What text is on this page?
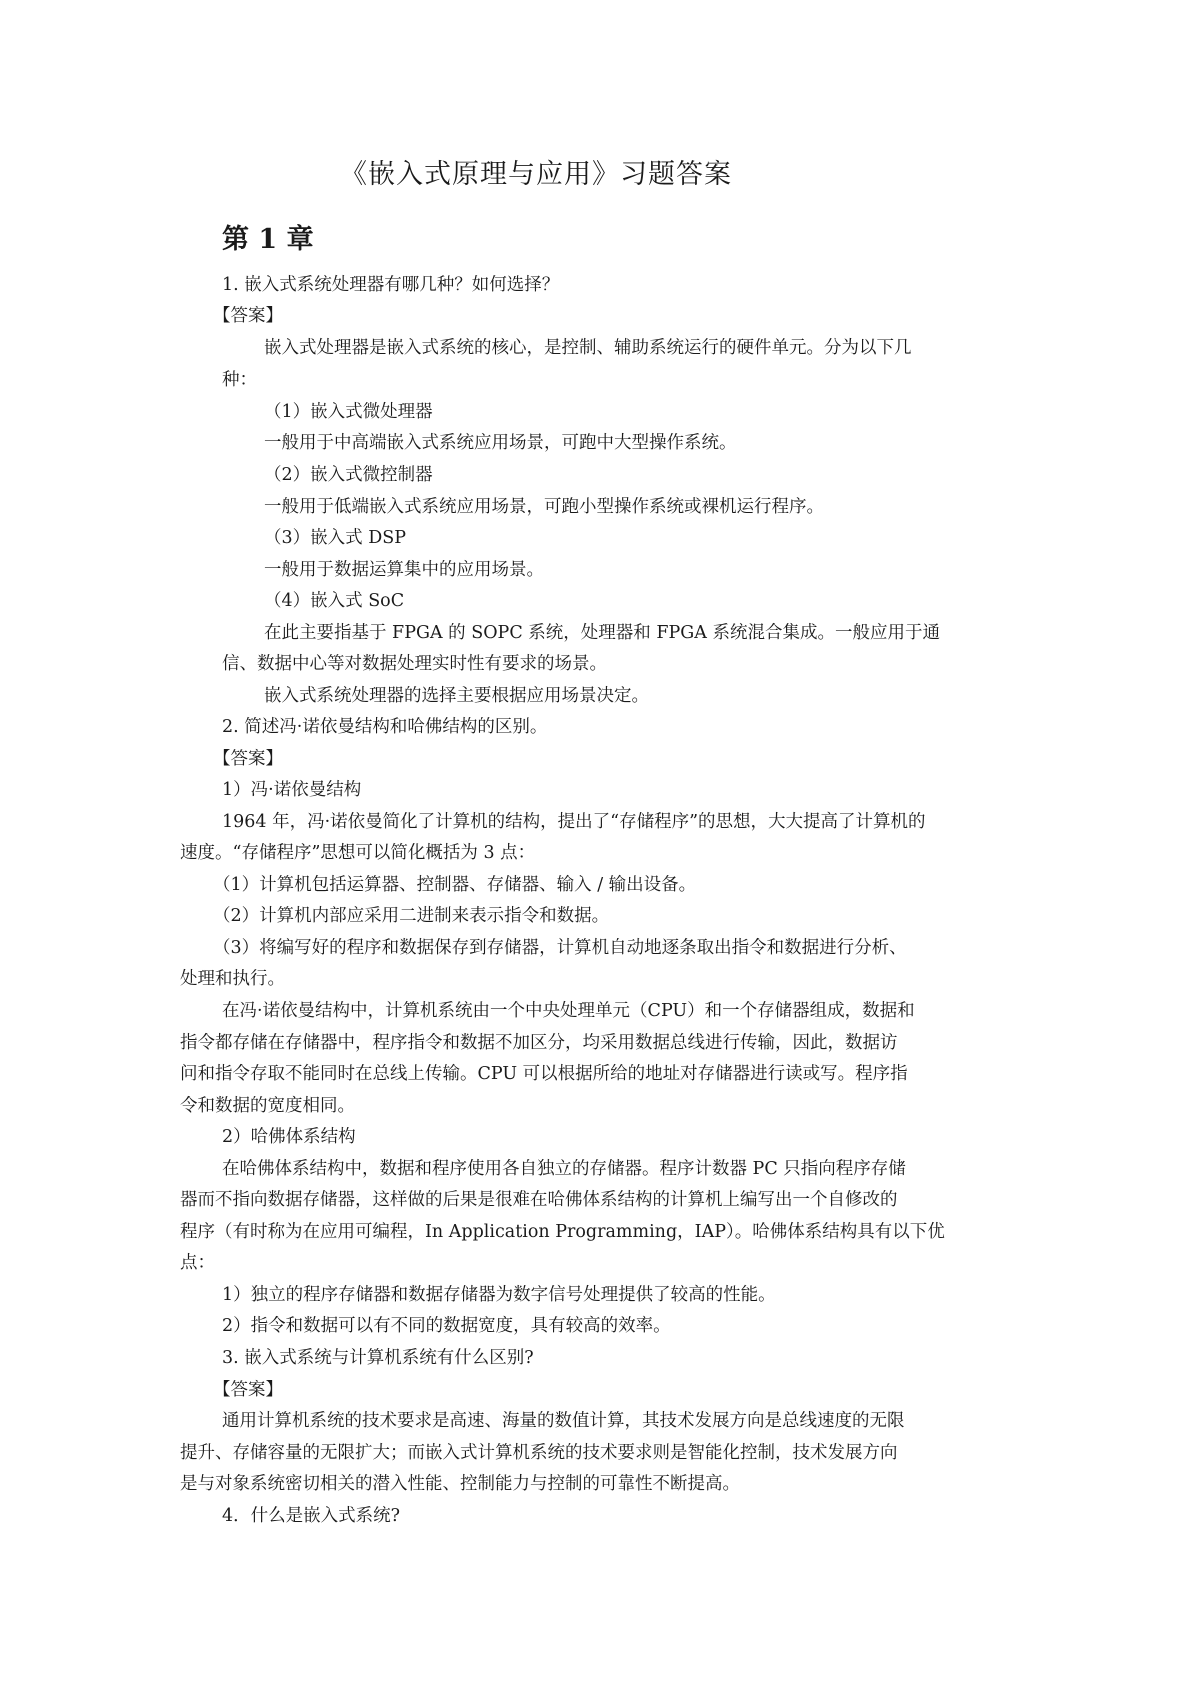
《嵌入式原理与应用》习题答案
第 1 章
1. 嵌入式系统处理器有哪几种？如何选择？
【答案】
嵌入式处理器是嵌入式系统的核心，是控制、辅助系统运行的硬件单元。分为以下几
种：
（1）嵌入式微处理器
一般用于中高端嵌入式系统应用场景，可跑中大型操作系统。
（2）嵌入式微控制器
一般用于低端嵌入式系统应用场景，可跑小型操作系统或裸机运行程序。
（3）嵌入式 DSP
一般用于数据运算集中的应用场景。
（4）嵌入式 SoC
在此主要指基于 FPGA 的 SOPC 系统，处理器和 FPGA 系统混合集成。一般应用于通
信、数据中心等对数据处理实时性有要求的场景。
嵌入式系统处理器的选择主要根据应用场景决定。
2. 简述冯·诺依曼结构和哈佛结构的区别。
【答案】
1）冯·诺依曼结构
1964 年，冯·诺依曼简化了计算机的结构，提出了“存储程序”的思想，大大提高了计算机的
速度。“存储程序”思想可以简化概括为 3 点：
（1）计算机包括运算器、控制器、存储器、输入 / 输出设备。
（2）计算机内部应采用二进制来表示指令和数据。
（3）将编写好的程序和数据保存到存储器，计算机自动地逐条取出指令和数据进行分析、
处理和执行。
在冯·诺依曼结构中，计算机系统由一个中央处理单元（CPU）和一个存储器组成，数据和
指令都存储在存储器中，程序指令和数据不加区分，均采用数据总线进行传输，因此，数据访
问和指令存取不能同时在总线上传输。CPU 可以根据所给的地址对存储器进行读或写。程序指
令和数据的宽度相同。
2）哈佛体系结构
在哈佛体系结构中，数据和程序使用各自独立的存储器。程序计数器 PC 只指向程序存储
器而不指向数据存储器，这样做的后果是很难在哈佛体系结构的计算机上编写出一个自修改的
程序（有时称为在应用可编程，In Application Programming，IAP）。哈佛体系结构具有以下优
点：
1）独立的程序存储器和数据存储器为数字信号处理提供了较高的性能。
2）指令和数据可以有不同的数据宽度，具有较高的效率。
3. 嵌入式系统与计算机系统有什么区别?
【答案】
通用计算机系统的技术要求是高速、海量的数值计算，其技术发展方向是总线速度的无限
提升、存储容量的无限扩大；而嵌入式计算机系统的技术要求则是智能化控制，技术发展方向
是与对象系统密切相关的潜入性能、控制能力与控制的可靠性不断提高。
4．什么是嵌入式系统?
